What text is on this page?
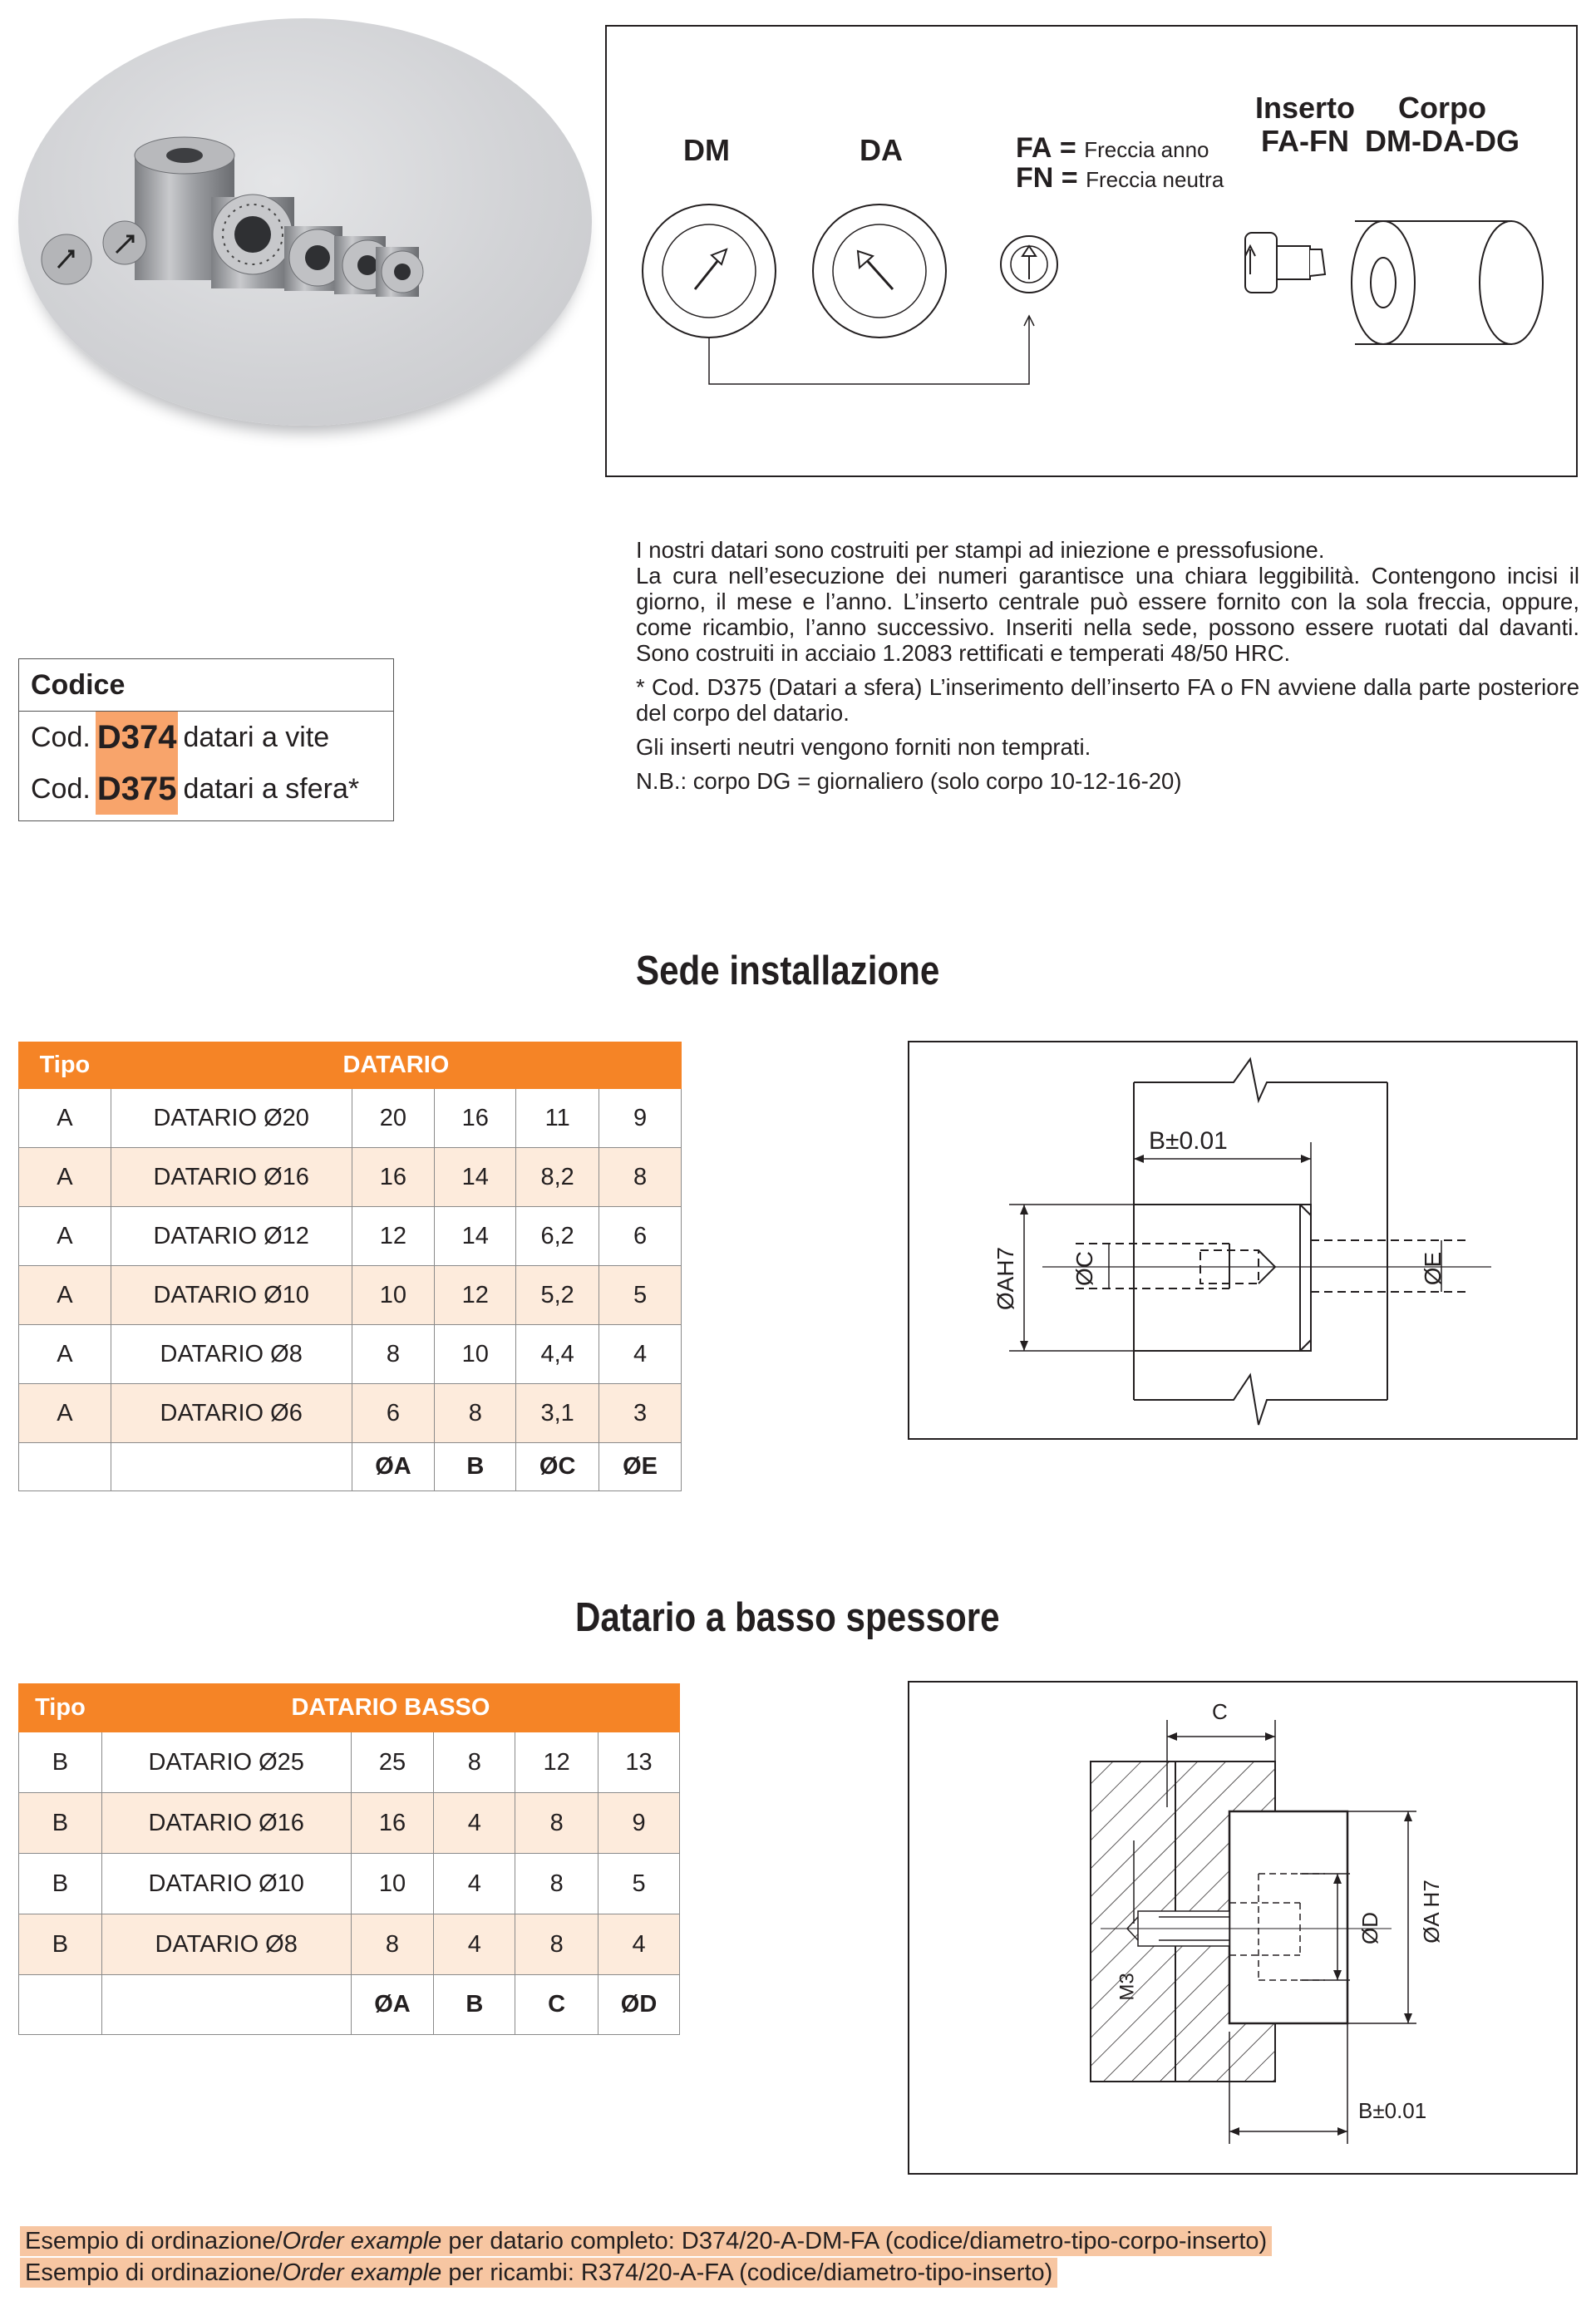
DM	DA	FA = Freccia anno
FN = Freccia neutra
Inserto
FA-FN
Corpo
DM-DA-DG
Codice
Cod. D374 datari a vite
Cod. D375 datari a sfera*

I nostri datari sono costruiti per stampi ad iniezione e pressofusione.

La cura nell’esecuzione dei numeri garantisce una chiara leggibilità. Contengono incisi il giorno, il mese e l’anno. L’inserto centrale può essere fornito con la sola freccia, oppure, come ricambio, l’anno successivo. Inseriti nella sede, possono essere ruotati dal davanti. Sono costruiti in acciaio 1.2083 rettificati e temperati 48/50 HRC.

* Cod. D375 (Datari a sfera) L’inserimento dell’inserto FA o FN avviene dalla parte posteriore del corpo del datario.

Gli inserti neutri vengono forniti non temprati.

N.B.: corpo DG = giornaliero (solo corpo 10-12-16-20)

Sede installazione
Tipo	DATARIO				
A	DATARIO Ø20	20	16	11	9
A	DATARIO Ø16	16	14	8,2	8
A	DATARIO Ø12	12	14	6,2	6
A	DATARIO Ø10	10	12	5,2	5
A	DATARIO Ø8	8	10	4,4	4
A	DATARIO Ø6	6	8	3,1	3
		ØA	B	ØC	ØE
B±0.01
ØAH7 ØC	ØE
Datario a basso spessore
Tipo	DATARIO BASSO				
B	DATARIO Ø25	25	8	12	13
B	DATARIO Ø16	16	4	8	9
B	DATARIO Ø10	10	4	8	5
B	DATARIO Ø8	8	4	8	4
		ØA	B	C	ØD
C
M3
ØD ØA H7
B±0.01
Esempio di ordinazione/Order example per datario completo: D374/20-A-DM-FA (codice/diametro-tipo-corpo-inserto)
Esempio di ordinazione/Order example per ricambi: R374/20-A-FA (codice/diametro-tipo-inserto)
